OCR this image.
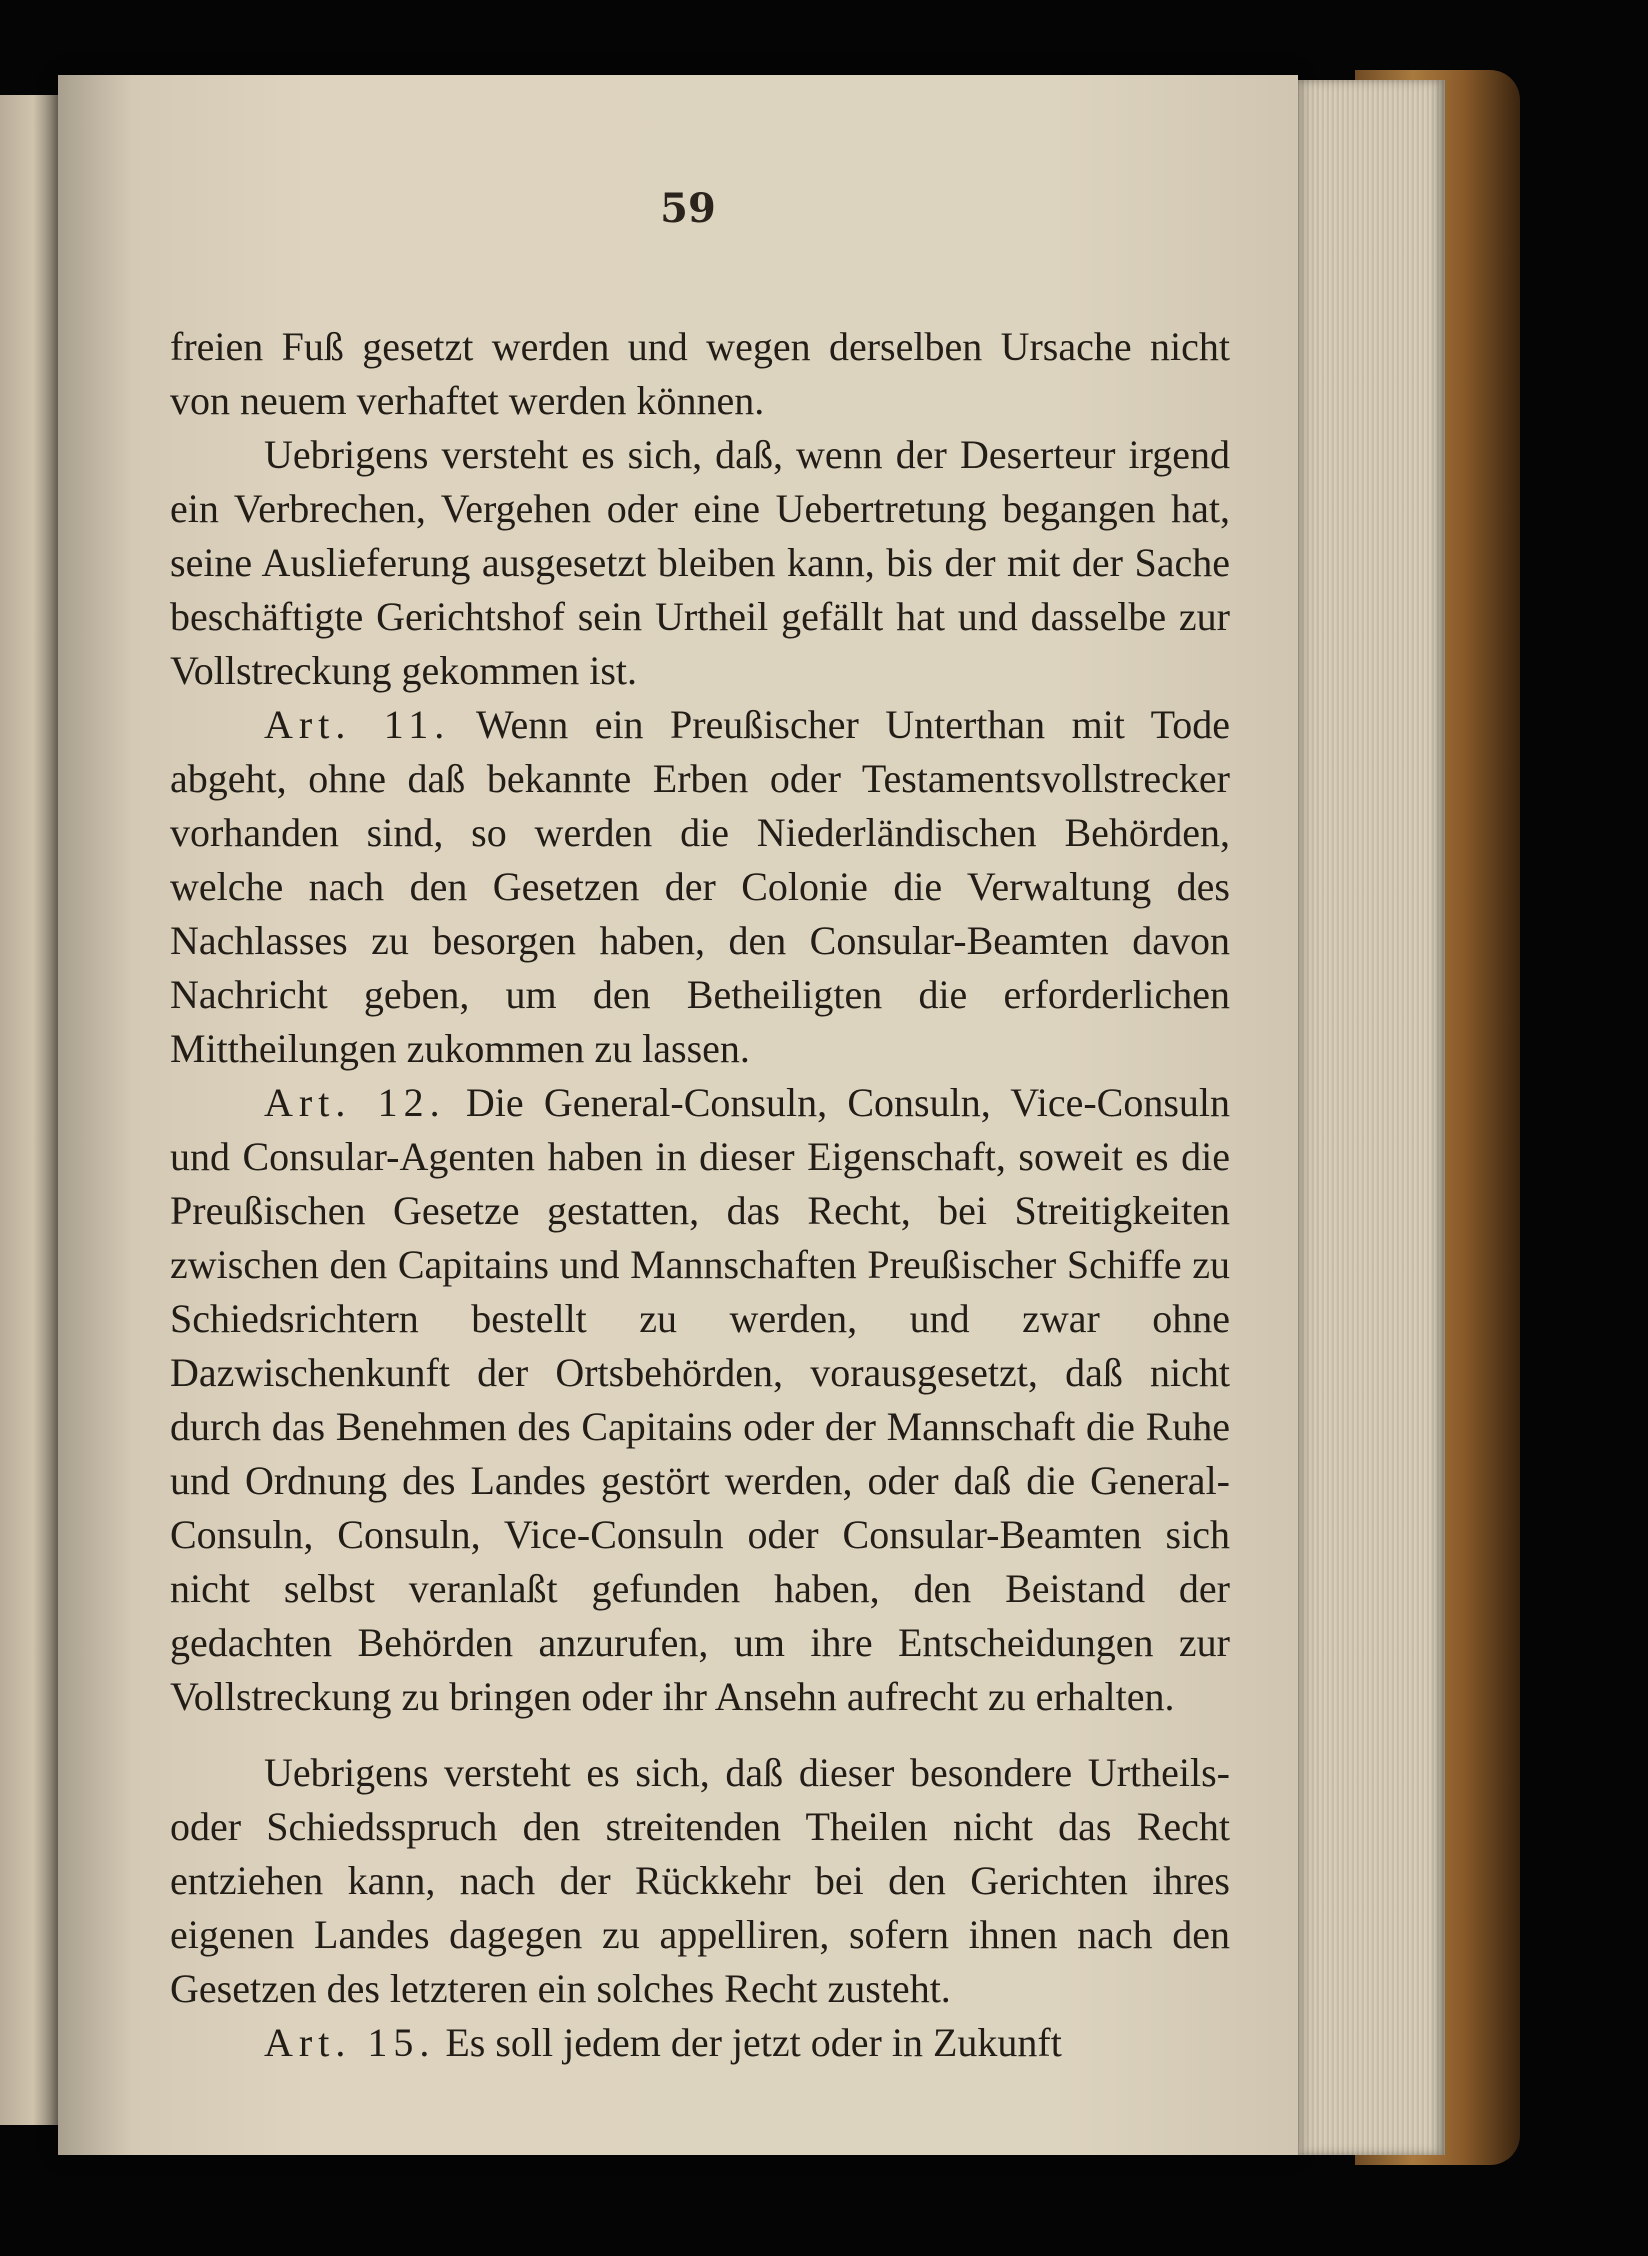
59

freien Fuß gesetzt werden und wegen derselben Ursache nicht von neuem verhaftet werden können.

Uebrigens versteht es sich, daß, wenn der Deserteur irgend ein Verbrechen, Vergehen oder eine Uebertretung begangen hat, seine Auslieferung ausgesetzt bleiben kann, bis der mit der Sache beschäftigte Gerichtshof sein Urtheil gefällt hat und dasselbe zur Vollstreckung gekommen ist.

Art. 11. Wenn ein Preußischer Unterthan mit Tode abgeht, ohne daß bekannte Erben oder Testamentsvollstrecker vorhanden sind, so werden die Niederländischen Behörden, welche nach den Gesetzen der Colonie die Verwaltung des Nachlasses zu besorgen haben, den Consular-Beamten davon Nachricht geben, um den Betheiligten die erforderlichen Mittheilungen zukommen zu lassen.

Art. 12. Die General-Consuln, Consuln, Vice-Consuln und Consular-Agenten haben in dieser Eigenschaft, soweit es die Preußischen Gesetze gestatten, das Recht, bei Streitigkeiten zwischen den Capitains und Mannschaften Preußischer Schiffe zu Schiedsrichtern bestellt zu werden, und zwar ohne Dazwischenkunft der Ortsbehörden, vorausgesetzt, daß nicht durch das Benehmen des Capitains oder der Mannschaft die Ruhe und Ordnung des Landes gestört werden, oder daß die General-Consuln, Consuln, Vice-Consuln oder Consular-Beamten sich nicht selbst veranlaßt gefunden haben, den Beistand der gedachten Behörden anzurufen, um ihre Entscheidungen zur Vollstreckung zu bringen oder ihr Ansehn aufrecht zu erhalten.

Uebrigens versteht es sich, daß dieser besondere Urtheils- oder Schiedsspruch den streitenden Theilen nicht das Recht entziehen kann, nach der Rückkehr bei den Gerichten ihres eigenen Landes dagegen zu appelliren, sofern ihnen nach den Gesetzen des letzteren ein solches Recht zusteht.

Art. 15. Es soll jedem der jetzt oder in Zukunft
